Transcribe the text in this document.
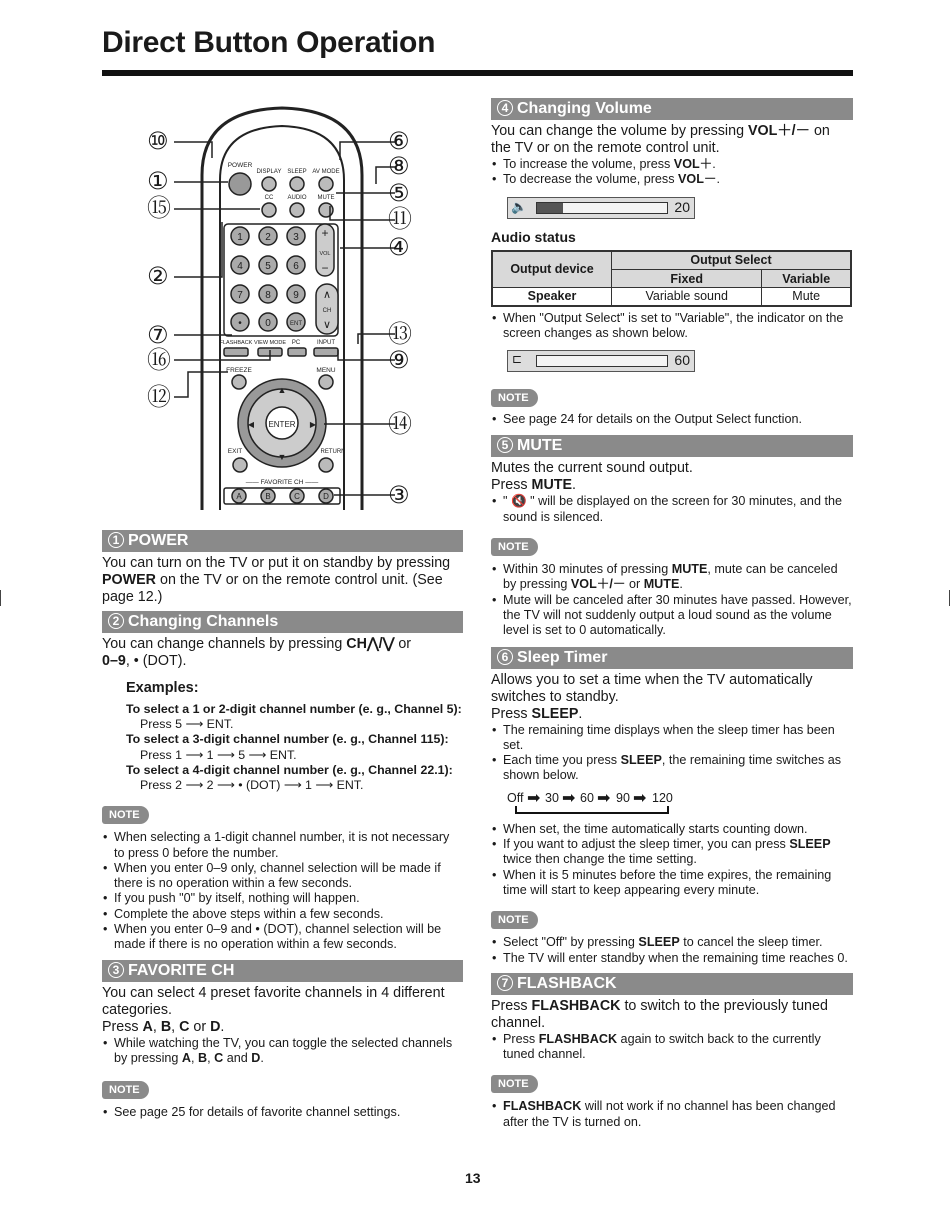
Direct Button Operation
POWER
DISPLAY SLEEP AV MODE
CC AUDIO MUTE
1 2 3
4 5 6
7 8 9
• 0	ENT
+
VOL
−
∧
CH
∨
FLASHBACK VIEW MODE PC	INPUT
FREEZE	MENU
ENTER
▲
▼
◀	▶
EXIT	RETURN
—— FAVORITE CH ——
A	B	C	D
⑩
①
⑮
②
⑦
⑯
⑫
⑥
⑧
⑤
⑪
④
⑬
⑨
⑭
③
1 POWER

You can turn on the TV or put it on standby by pressing POWER on the TV or on the remote control unit. (See page 12.)

2 Changing Channels

You can change channels by pressing CH⋀/⋁ or
0–9, • (DOT).

Examples:
To select a 1 or 2-digit channel number (e. g., Channel 5):
Press 5 ⟶ ENT.
To select a 3-digit channel number (e. g., Channel 115):
Press 1 ⟶ 1 ⟶ 5 ⟶ ENT.
To select a 4-digit channel number (e. g., Channel 22.1):
Press 2 ⟶ 2 ⟶ • (DOT) ⟶ 1 ⟶ ENT.
NOTE
• When selecting a 1-digit channel number, it is not necessary to press 0 before the number.
• When you enter 0–9 only, channel selection will be made if there is no operation within a few seconds.
• If you push "0" by itself, nothing will happen.
• Complete the above steps within a few seconds.
• When you enter 0–9 and • (DOT), channel selection will be made if there is no operation within a few seconds.
3 FAVORITE CH

You can select 4 preset favorite channels in 4 different categories.

Press A, B, C or D.

• While watching the TV, you can toggle the selected channels by pressing A, B, C and D.
NOTE
• See page 25 for details of favorite channel settings.
4 Changing Volume

You can change the volume by pressing VOL＋/－ on the TV or on the remote control unit.

• To increase the volume, press VOL＋.
• To decrease the volume, press VOL－.
🔈	20
Audio status
Output device	Output Select	
	Fixed	Variable
Speaker	Variable sound	Mute
• When "Output Select" is set to "Variable", the indicator on the screen changes as shown below.
⊏	60
NOTE
• See page 24 for details on the Output Select function.
5 MUTE

Mutes the current sound output.

Press MUTE.

• " 🔇 " will be displayed on the screen for 30 minutes, and the sound is silenced.
NOTE
• Within 30 minutes of pressing MUTE, mute can be canceled by pressing VOL＋/－ or MUTE.
• Mute will be canceled after 30 minutes have passed. However, the TV will not suddenly output a loud sound as the volume level is set to 0 automatically.
6 Sleep Timer

Allows you to set a time when the TV automatically switches to standby.

Press SLEEP.

• The remaining time displays when the sleep timer has been set.
• Each time you press SLEEP, the remaining time switches as shown below.
Off ➡ 30 ➡ 60 ➡ 90 ➡ 120
• When set, the time automatically starts counting down.
• If you want to adjust the sleep timer, you can press SLEEP twice then change the time setting.
• When it is 5 minutes before the time expires, the remaining time will start to keep appearing every minute.
NOTE
• Select "Off" by pressing SLEEP to cancel the sleep timer.
• The TV will enter standby when the remaining time reaches 0.
7 FLASHBACK

Press FLASHBACK to switch to the previously tuned channel.

• Press FLASHBACK again to switch back to the currently tuned channel.
NOTE
• FLASHBACK will not work if no channel has been changed after the TV is turned on.
13
